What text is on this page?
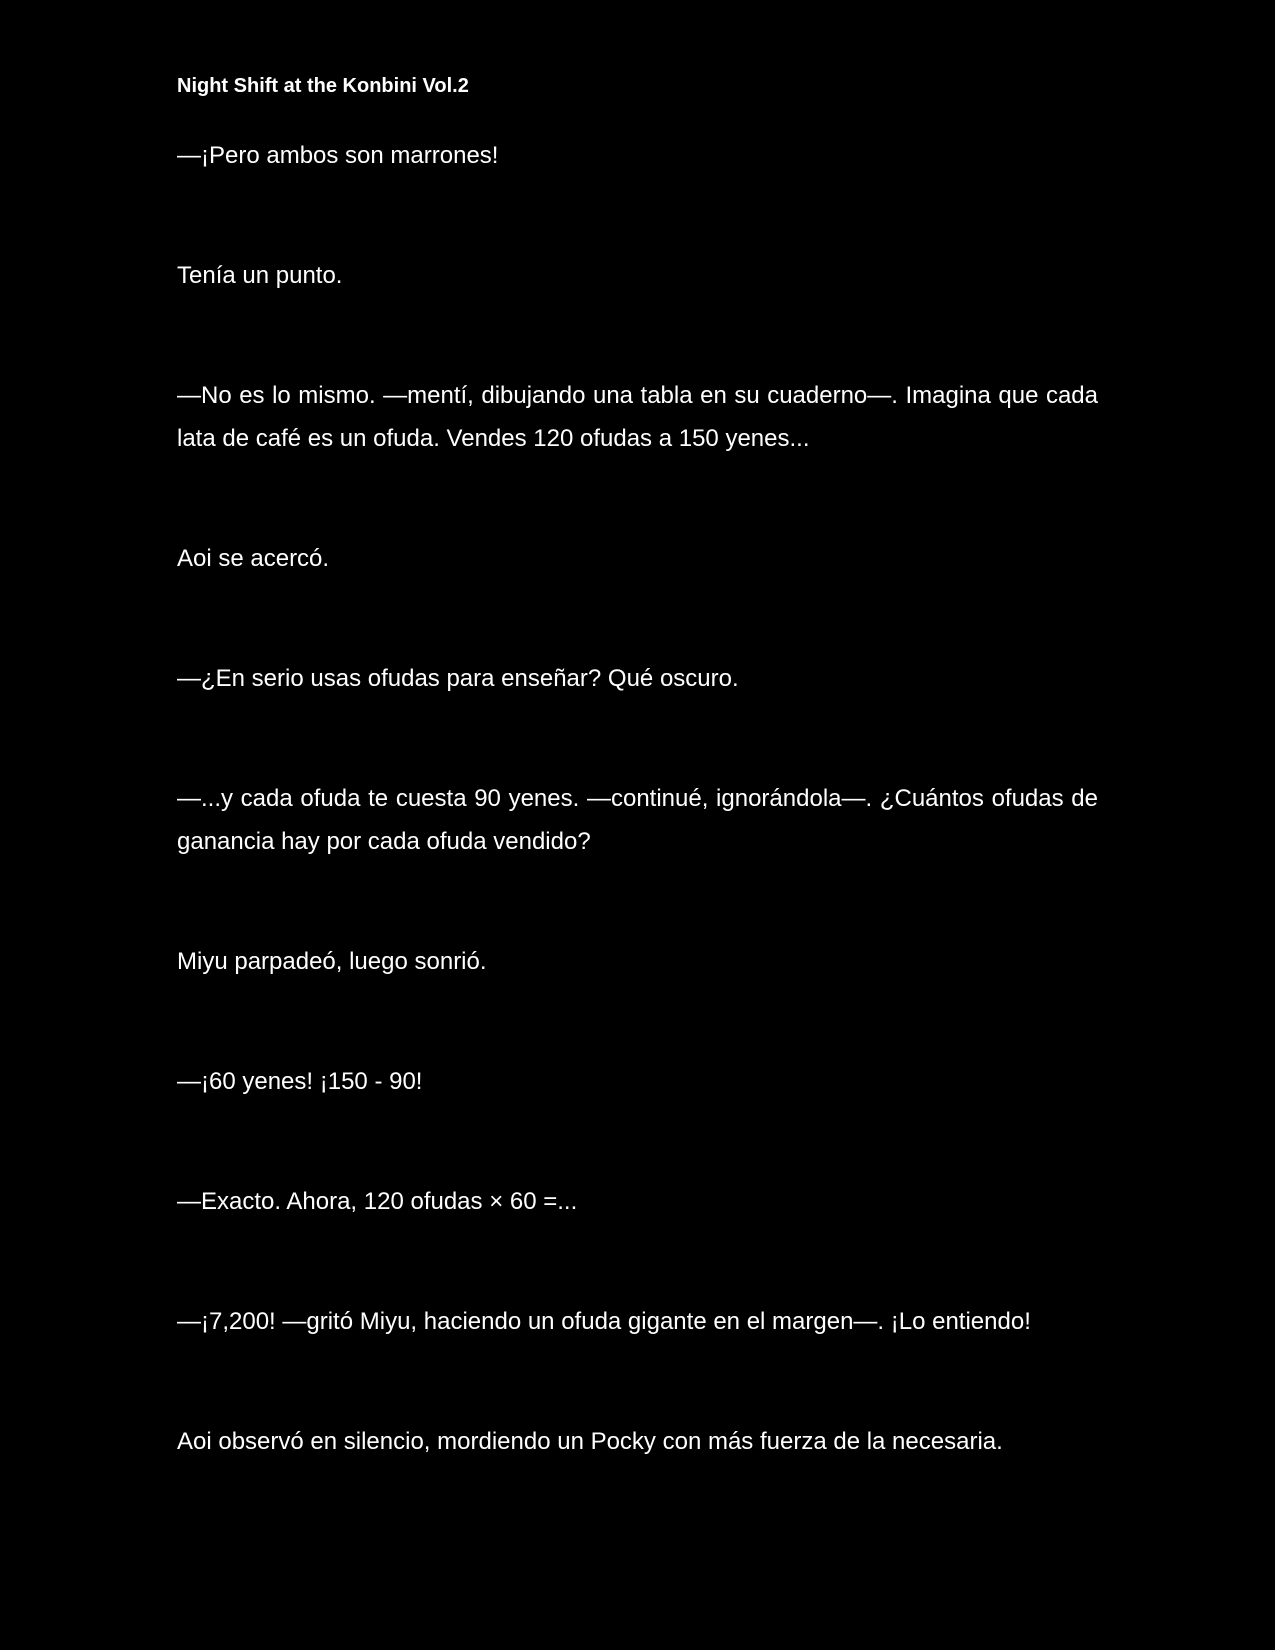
Night Shift at the Konbini Vol.2

—¡Pero ambos son marrones!

Tenía un punto.

—No es lo mismo. —mentí, dibujando una tabla en su cuaderno—. Imagina que cada lata de café es un ofuda. Vendes 120 ofudas a 150 yenes...

Aoi se acercó.

—¿En serio usas ofudas para enseñar? Qué oscuro.

—...y cada ofuda te cuesta 90 yenes. —continué, ignorándola—. ¿Cuántos ofudas de ganancia hay por cada ofuda vendido?

Miyu parpadeó, luego sonrió.

—¡60 yenes! ¡150 - 90!

—Exacto. Ahora, 120 ofudas × 60 =...

—¡7,200! —gritó Miyu, haciendo un ofuda gigante en el margen—. ¡Lo entiendo!

Aoi observó en silencio, mordiendo un Pocky con más fuerza de la necesaria.
